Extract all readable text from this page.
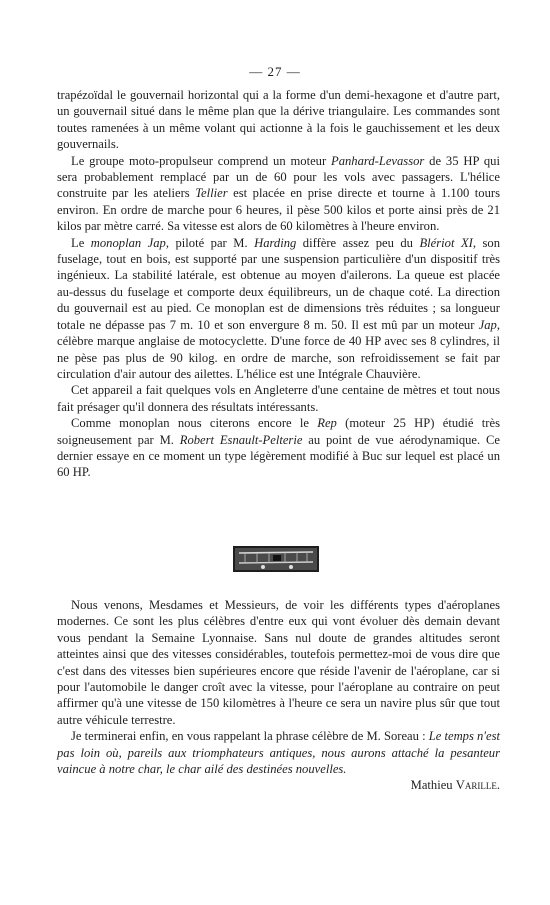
— 27 —

trapézoïdal le gouvernail horizontal qui a la forme d'un demi-hexagone et d'autre part, un gouvernail situé dans le même plan que la dérive triangulaire. Les commandes sont toutes ramenées à un même volant qui actionne à la fois le gauchissement et les deux gouvernails.

Le groupe moto-propulseur comprend un moteur Panhard-Levassor de 35 HP qui sera probablement remplacé par un de 60 pour les vols avec passagers. L'hélice construite par les ateliers Tellier est placée en prise directe et tourne à 1.100 tours environ. En ordre de marche pour 6 heures, il pèse 500 kilos et porte ainsi près de 21 kilos par mètre carré. Sa vitesse est alors de 60 kilomètres à l'heure environ.

Le monoplan Jap, piloté par M. Harding diffère assez peu du Blériot XI, son fuselage, tout en bois, est supporté par une suspension particulière d'un dispositif très ingénieux. La stabilité latérale, est obtenue au moyen d'ailerons. La queue est placée au-dessus du fuselage et comporte deux équilibreurs, un de chaque coté. La direction du gouvernail est au pied. Ce monoplan est de dimensions très réduites ; sa longueur totale ne dépasse pas 7 m. 10 et son envergure 8 m. 50. Il est mû par un moteur Jap, célèbre marque anglaise de motocyclette. D'une force de 40 HP avec ses 8 cylindres, il ne pèse pas plus de 90 kilog. en ordre de marche, son refroidissement se fait par circulation d'air autour des ailettes. L'hélice est une Intégrale Chauvière.

Cet appareil a fait quelques vols en Angleterre d'une centaine de mètres et tout nous fait présager qu'il donnera des résultats intéressants.

Comme monoplan nous citerons encore le Rep (moteur 25 HP) étudié très soigneusement par M. Robert Esnault-Pelterie au point de vue aérodynamique. Ce dernier essaye en ce moment un type légèrement modifié à Buc sur lequel est placé un 60 HP.

Nous venons, Mesdames et Messieurs, de voir les différents types d'aéroplanes modernes. Ce sont les plus célèbres d'entre eux qui vont évoluer dès demain devant vous pendant la Semaine Lyonnaise. Sans nul doute de grandes altitudes seront atteintes ainsi que des vitesses considérables, toutefois permettez-moi de vous dire que c'est dans des vitesses bien supérieures encore que réside l'avenir de l'aéroplane, car si pour l'automobile le danger croît avec la vitesse, pour l'aéroplane au contraire on peut affirmer qu'à une vitesse de 150 kilomètres à l'heure ce sera un navire plus sûr que tout autre véhicule terrestre.

Je terminerai enfin, en vous rappelant la phrase célèbre de M. Soreau : Le temps n'est pas loin où, pareils aux triomphateurs antiques, nous aurons attaché la pesanteur vaincue à notre char, le char ailé des destinées nouvelles.

Mathieu Varille.
